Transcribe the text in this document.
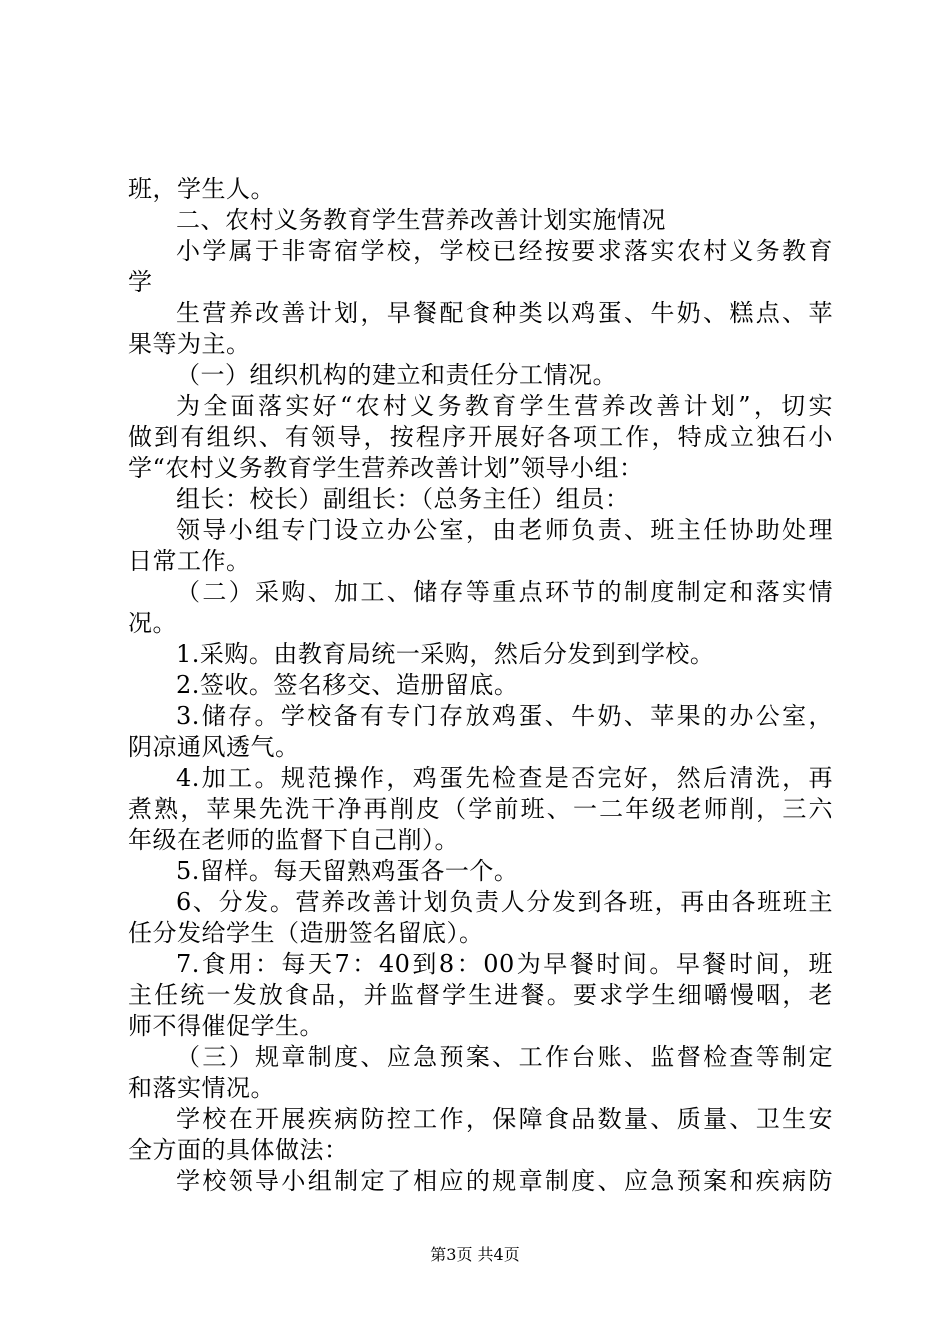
班，学生人。
二、农村义务教育学生营养改善计划实施情况
小学属于非寄宿学校，学校已经按要求落实农村义务教育
学
生营养改善计划，早餐配食种类以鸡蛋、牛奶、糕点、苹
果等为主。
（一）组织机构的建立和责任分工情况。
为全面落实好“农村义务教育学生营养改善计划”，切实
做到有组织、有领导，按程序开展好各项工作，特成立独石小
学“农村义务教育学生营养改善计划”领导小组：
组长：校长）副组长：（总务主任）组员：
领导小组专门设立办公室，由老师负责、班主任协助处理
日常工作。
（二）采购、加工、储存等重点环节的制度制定和落实情
况。
1.采购。由教育局统一采购，然后分发到到学校。
2.签收。签名移交、造册留底。
3.储存。学校备有专门存放鸡蛋、牛奶、苹果的办公室，
阴凉通风透气。
4.加工。规范操作，鸡蛋先检查是否完好，然后清洗，再
煮熟，苹果先洗干净再削皮（学前班、一二年级老师削，三六
年级在老师的监督下自己削）。
5.留样。每天留熟鸡蛋各一个。
6、分发。营养改善计划负责人分发到各班，再由各班班主
任分发给学生（造册签名留底）。
7.食用：每天7：40到8：00为早餐时间。早餐时间，班
主任统一发放食品，并监督学生进餐。要求学生细嚼慢咽，老
师不得催促学生。
（三）规章制度、应急预案、工作台账、监督检查等制定
和落实情况。
学校在开展疾病防控工作，保障食品数量、质量、卫生安
全方面的具体做法：
学校领导小组制定了相应的规章制度、应急预案和疾病防
第3页 共4页
